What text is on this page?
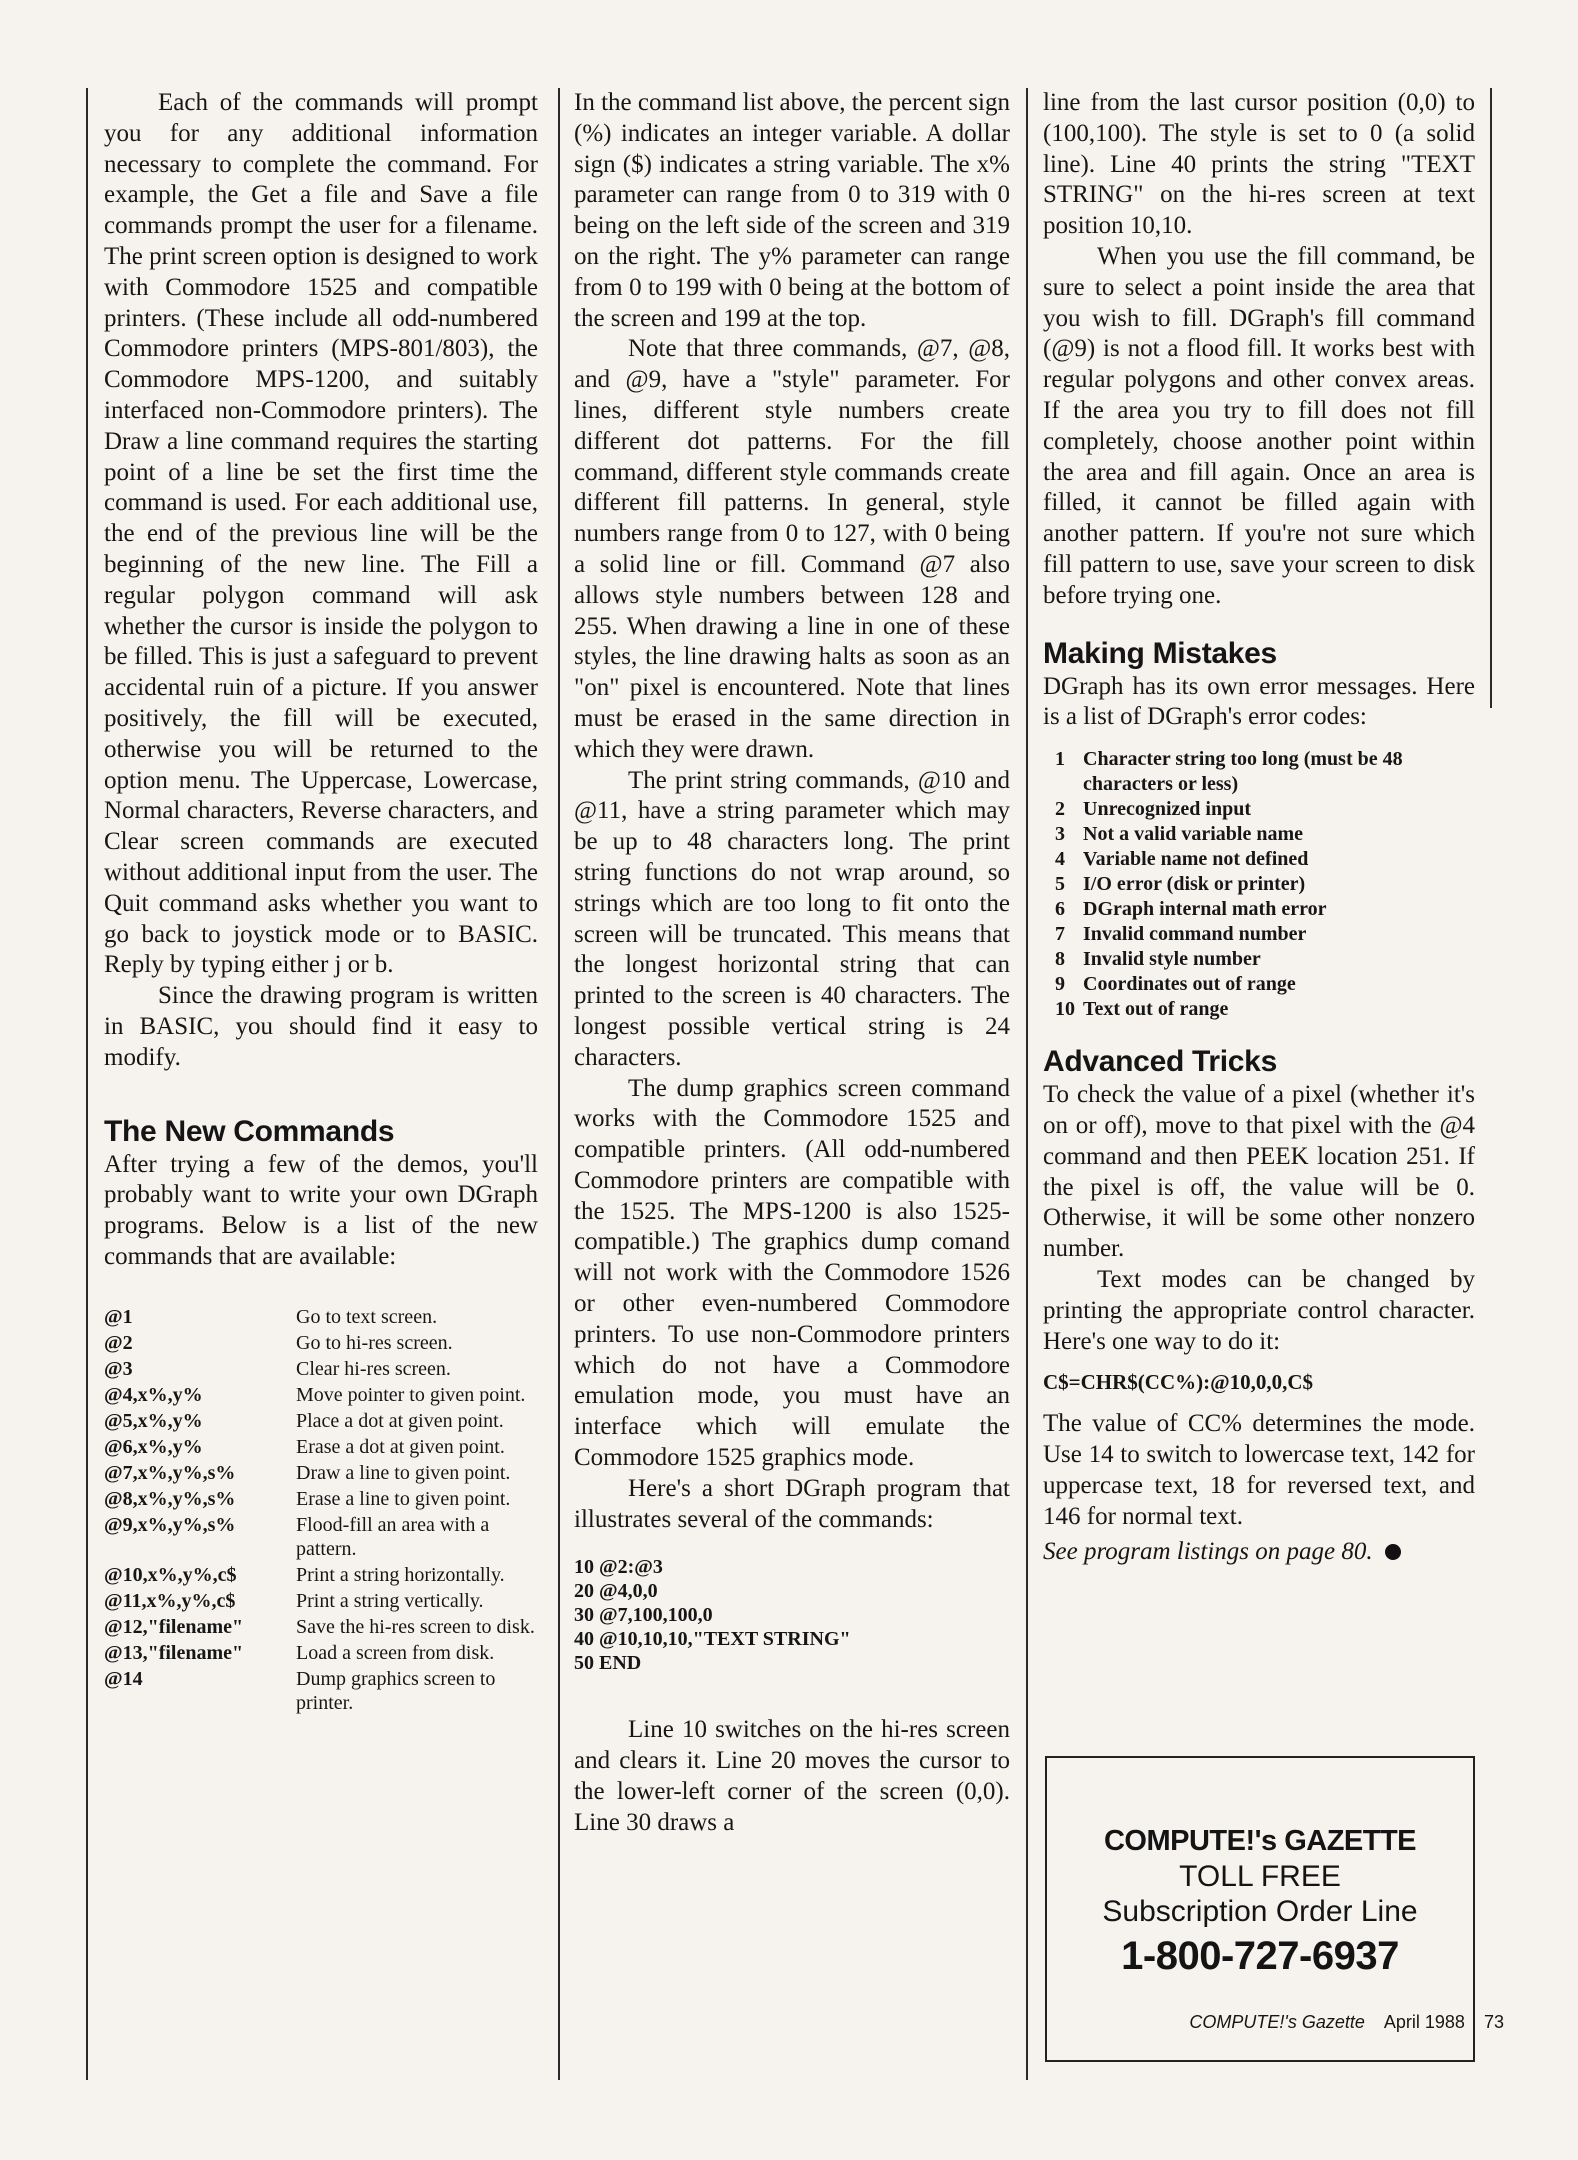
Each of the commands will prompt you for any additional information necessary to complete the command. For example, the Get a file and Save a file commands prompt the user for a filename. The print screen option is designed to work with Commodore 1525 and compatible printers. (These include all odd-numbered Commodore printers (MPS-801/803), the Commodore MPS-1200, and suitably interfaced non-Commodore printers). The Draw a line command requires the starting point of a line be set the first time the command is used. For each additional use, the end of the previous line will be the beginning of the new line. The Fill a regular polygon command will ask whether the cursor is inside the polygon to be filled. This is just a safeguard to prevent accidental ruin of a picture. If you answer positively, the fill will be executed, otherwise you will be returned to the option menu. The Uppercase, Lowercase, Normal characters, Reverse characters, and Clear screen commands are executed without additional input from the user. The Quit command asks whether you want to go back to joystick mode or to BASIC. Reply by typing either j or b.

Since the drawing program is written in BASIC, you should find it easy to modify.

The New Commands

After trying a few of the demos, you'll probably want to write your own DGraph programs. Below is a list of the new commands that are available:

@1	Go to text screen.
@2	Go to hi-res screen.
@3	Clear hi-res screen.
@4,x%,y%	Move pointer to given point.
@5,x%,y%	Place a dot at given point.
@6,x%,y%	Erase a dot at given point.
@7,x%,y%,s%	Draw a line to given point.
@8,x%,y%,s%	Erase a line to given point.
@9,x%,y%,s%	Flood-fill an area with a pattern.
@10,x%,y%,c$	Print a string horizontally.
@11,x%,y%,c$	Print a string vertically.
@12,"filename"	Save the hi-res screen to disk.
@13,"filename"	Load a screen from disk.
@14	Dump graphics screen to printer.

In the command list above, the percent sign (%) indicates an integer variable. A dollar sign ($) indicates a string variable. The x% parameter can range from 0 to 319 with 0 being on the left side of the screen and 319 on the right. The y% parameter can range from 0 to 199 with 0 being at the bottom of the screen and 199 at the top.

Note that three commands, @7, @8, and @9, have a "style" parameter. For lines, different style numbers create different dot patterns. For the fill command, different style commands create different fill patterns. In general, style numbers range from 0 to 127, with 0 being a solid line or fill. Command @7 also allows style numbers between 128 and 255. When drawing a line in one of these styles, the line drawing halts as soon as an "on" pixel is encountered. Note that lines must be erased in the same direction in which they were drawn.

The print string commands, @10 and @11, have a string parameter which may be up to 48 characters long. The print string functions do not wrap around, so strings which are too long to fit onto the screen will be truncated. This means that the longest horizontal string that can printed to the screen is 40 characters. The longest possible vertical string is 24 characters.

The dump graphics screen command works with the Commodore 1525 and compatible printers. (All odd-numbered Commodore printers are compatible with the 1525. The MPS-1200 is also 1525-compatible.) The graphics dump comand will not work with the Commodore 1526 or other even-numbered Commodore printers. To use non-Commodore printers which do not have a Commodore emulation mode, you must have an interface which will emulate the Commodore 1525 graphics mode.

Here's a short DGraph program that illustrates several of the commands:

10 @2:@3
20 @4,0,0
30 @7,100,100,0
40 @10,10,10,"TEXT STRING"
50 END

Line 10 switches on the hi-res screen and clears it. Line 20 moves the cursor to the lower-left corner of the screen (0,0). Line 30 draws a

line from the last cursor position (0,0) to (100,100). The style is set to 0 (a solid line). Line 40 prints the string "TEXT STRING" on the hi-res screen at text position 10,10.

When you use the fill command, be sure to select a point inside the area that you wish to fill. DGraph's fill command (@9) is not a flood fill. It works best with regular polygons and other convex areas. If the area you try to fill does not fill completely, choose another point within the area and fill again. Once an area is filled, it cannot be filled again with another pattern. If you're not sure which fill pattern to use, save your screen to disk before trying one.

Making Mistakes

DGraph has its own error messages. Here is a list of DGraph's error codes:

1 Character string too long (must be 48 characters or less)
2 Unrecognized input
3 Not a valid variable name
4 Variable name not defined
5 I/O error (disk or printer)
6 DGraph internal math error
7 Invalid command number
8 Invalid style number
9 Coordinates out of range
10 Text out of range
Advanced Tricks

To check the value of a pixel (whether it's on or off), move to that pixel with the @4 command and then PEEK location 251. If the pixel is off, the value will be 0. Otherwise, it will be some other nonzero number.

Text modes can be changed by printing the appropriate control character. Here's one way to do it:

C$=CHR$(CC%):@10,0,0,C$

The value of CC% determines the mode. Use 14 to switch to lowercase text, 142 for uppercase text, 18 for reversed text, and 146 for normal text.

See program listings on page 80.

COMPUTE!'s GAZETTE
TOLL FREE
Subscription Order Line
1-800-727-6937
COMPUTE!'s Gazette April 1988 73
